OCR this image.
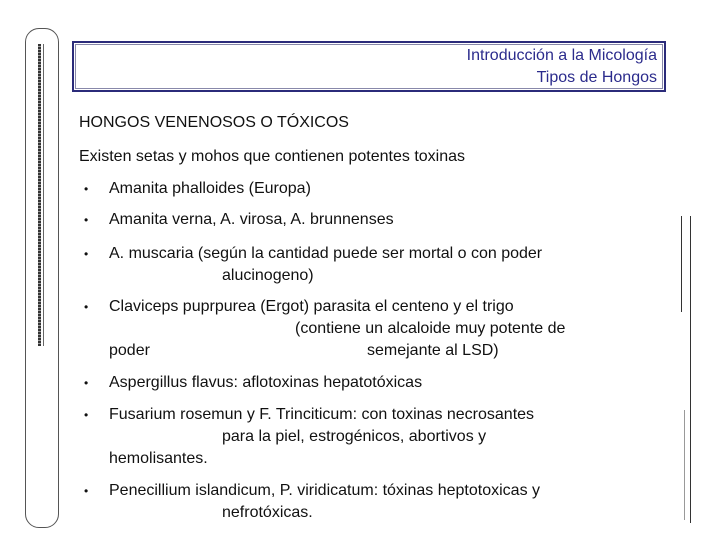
Introducción a la Micología
Tipos de Hongos

HONGOS VENENOSOS O TÓXICOS

Existen setas y mohos que contienen potentes toxinas

• Amanita phalloides (Europa)
• Amanita verna, A. virosa, A. brunnenses
• A. muscaria (según la cantidad puede ser mortal o con poder
alucinogeno)
• Claviceps puprpurea (Ergot) parasita el centeno y el trigo
(contiene un alcaloide muy potente de
poder	semejante al LSD)
• Aspergillus flavus: aflotoxinas hepatotóxicas
• Fusarium rosemun y F. Trinciticum: con toxinas necrosantes
para la piel, estrogénicos, abortivos y
hemolisantes.
• Penecillium islandicum, P. viridicatum: tóxinas heptotoxicas y
nefrotóxicas.
